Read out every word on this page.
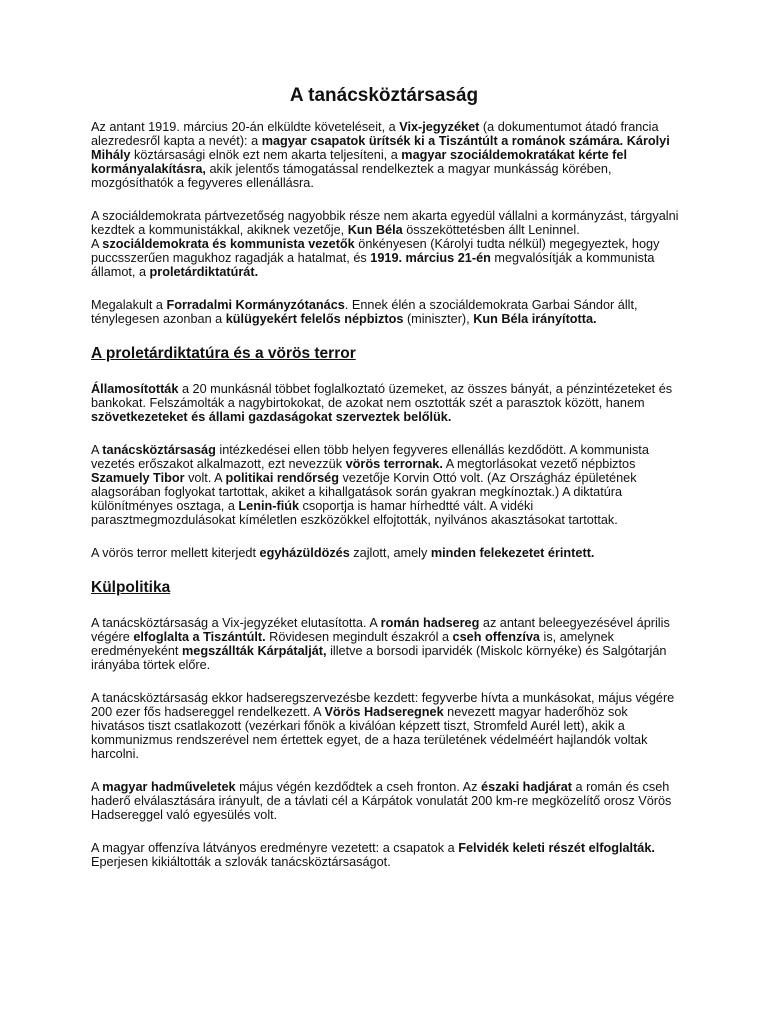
A tanácsköztársaság

Az antant 1919. március 20-án elküldte követeléseit, a Vix-jegyzéket (a dokumentumot átadó francia alezredesről kapta a nevét): a magyar csapatok ürítsék ki a Tiszántúlt a románok számára. Károlyi Mihály köztársasági elnök ezt nem akarta teljesíteni, a magyar szociáldemokratákat kérte fel kormányalakításra, akik jelentős támogatással rendelkeztek a magyar munkásság körében, mozgósíthatók a fegyveres ellenállásra.

A szociáldemokrata pártvezetőség nagyobbik része nem akarta egyedül vállalni a kormányzást, tárgyalni kezdtek a kommunistákkal, akiknek vezetője, Kun Béla összeköttetésben állt Leninnel.
A szociáldemokrata és kommunista vezetők önkényesen (Károlyi tudta nélkül) megegyeztek, hogy puccsszerűen magukhoz ragadják a hatalmat, és 1919. március 21-én megvalósítják a kommunista államot, a proletárdiktatúrát.

Megalakult a Forradalmi Kormányzótanács. Ennek élén a szociáldemokrata Garbai Sándor állt, ténylegesen azonban a külügyekért felelős népbiztos (miniszter), Kun Béla irányította.

A proletárdiktatúra és a vörös terror

Államosították a 20 munkásnál többet foglalkoztató üzemeket, az összes bányát, a pénzintézeteket és bankokat. Felszámolták a nagybirtokokat, de azokat nem osztották szét a parasztok között, hanem szövetkezeteket és állami gazdaságokat szerveztek belőlük.

A tanácsköztársaság intézkedései ellen több helyen fegyveres ellenállás kezdődött. A kommunista vezetés erőszakot alkalmazott, ezt nevezzük vörös terrornak. A megtorlásokat vezető népbiztos Szamuely Tibor volt. A politikai rendőrség vezetője Korvin Ottó volt. (Az Országház épületének alagsorában foglyokat tartottak, akiket a kihallgatások során gyakran megkínoztak.) A diktatúra különítményes osztaga, a Lenin-fiúk csoportja is hamar hírhedtté vált. A vidéki parasztmegmozdulásokat kíméletlen eszközökkel elfojtották, nyilvános akasztásokat tartottak.

A vörös terror mellett kiterjedt egyházüldözés zajlott, amely minden felekezetet érintett.

Külpolitika

A tanácsköztársaság a Vix-jegyzéket elutasította. A román hadsereg az antant beleegyezésével április végére elfoglalta a Tiszántúlt. Rövidesen megindult északról a cseh offenzíva is, amelynek eredményeként megszállták Kárpátalját, illetve a borsodi iparvidék (Miskolc környéke) és Salgótarján irányába törtek előre.

A tanácsköztársaság ekkor hadseregszervezésbe kezdett: fegyverbe hívta a munkásokat, május végére 200 ezer fős hadsereggel rendelkezett. A Vörös Hadseregnek nevezett magyar haderőhöz sok hivatásos tiszt csatlakozott (vezérkari főnök a kiválóan képzett tiszt, Stromfeld Aurél lett), akik a kommunizmus rendszerével nem értettek egyet, de a haza területének védelméért hajlandók voltak harcolni.

A magyar hadműveletek május végén kezdődtek a cseh fronton. Az északi hadjárat a román és cseh haderő elválasztására irányult, de a távlati cél a Kárpátok vonulatát 200 km-re megközelítő orosz Vörös Hadsereggel való egyesülés volt.

A magyar offenzíva látványos eredményre vezetett: a csapatok a Felvidék keleti részét elfoglalták. Eperjesen kikiáltották a szlovák tanácsköztársaságot.
